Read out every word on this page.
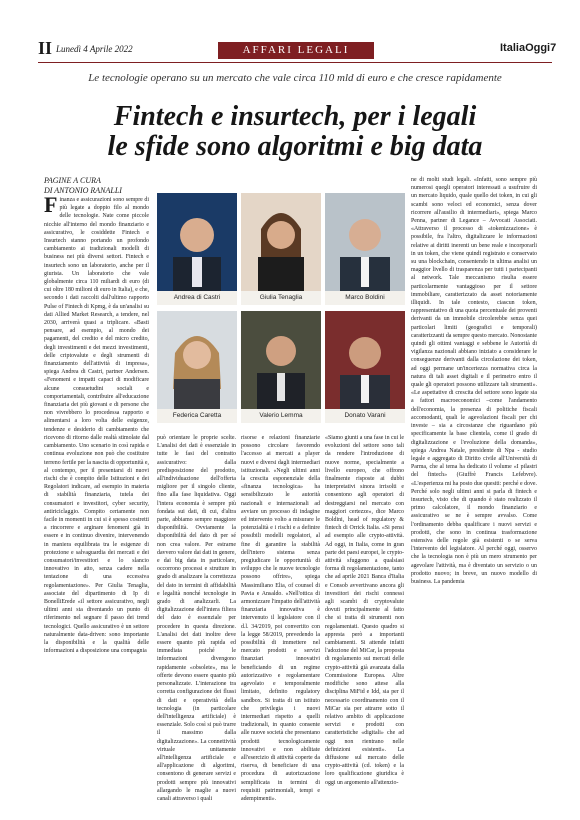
II Lunedì 4 Aprile 2022	AFFARI LEGALI	ItaliaOggi7
Le tecnologie operano su un mercato che vale circa 110 mld di euro e che cresce rapidamente
Fintech e insurtech, per i legali
le sfide sono algoritmi e big data
PAGINE A CURA
DI ANTONIO RANALLI
Andrea di Castri	Giulia Tenaglia	Marco Boldini
Federica Caretta	Valerio Lemma	Donato Varani
Finanza e assicurazioni sono sempre di più legate a doppio filo al mondo delle tecnologie. Nate come piccole nicchie all'interno del mondo finanziario e assicurativo, le cosiddette Fintech e Insurtech stanno portando un profondo cambiamento ai tradizionali modelli di business nei più diversi settori. Fintech e insurtech sono un laboratorio, anche per il giurista. Un laboratorio che vale globalmente circa 110 miliardi di euro (di cui oltre 180 milioni di euro in Italia), e che, secondo i dati raccolti dall'ultimo rapporto Pulse of Fintech di Kpmg, è da un'analisi su dati Allied Market Research, a tendere, nel 2030, arriverà quasi a triplicare. «Basti pensare, ad esempio, al mondo dei pagamenti, del credito e del micro credito, degli investimenti e dei mezzi investimenti, delle criptovalute e degli strumenti di finanziamento dell'attività di impresa», spiega Andrea di Castri, partner Andersen. «Fenomeni e impatti capaci di modificare alcune consuetudini sociali e comportamentali, contribuire all'educazione finanziaria dei più giovani e di persone che non vivrebbero lo procedessa rapporto e alimentarsi a loro volta delle esigenze, tendenze e desiderio di cambiamento che ricevono di ritorno dalle realtà stimolate dal cambiamento. Uno scenario in così rapida e continua evoluzione non può che costituire terreno fertile per la nascita di opportunità e, al contempo, per il presentarsi di nuovi rischi che è compito delle Istituzioni e dei Regolatori indicare, ad esempio in materia di stabilità finanziaria, tutela dei consumatori e investitori, cyber security, antiriciclaggio. Compito certamente non facile in momenti in cui si è spesso costretti a rincorrere e arginare fenomeni già in essere e in continuo divenire, intervenendo in maniera equilibrata tra le esigenze di protezione e salvaguardia dei mercati e dei consumatori/investitori e lo slancio innovativo in atto, senza cadere nella tentazione di una eccessiva regolamentazione». Per Giulia Tenaglia, associate del dipartimento di Ip di BonelliErede «il settore assicurativo, negli ultimi anni sta diventando un punto di riferimento nel segnare il passo dei trend tecnologici. Quello assicurativo è un settore naturalmente data-driven: sono importante la disponibilità e la qualità delle informazioni a disposizione una compagnia
può orientare le proprie scelte. L'analisi dei dati è essenziale in tutte le fasi del contratto assicurativo: dalla predisposizione del prodotto, all'individuazione dell'offerta migliore per il singolo cliente, fino alla fase liquidativa. Oggi l'intera economia è sempre più fondata sui dati, di cui, d'altra parte, abbiamo sempre maggiore disponibilità. Ovviamente la disponibilità del dato di per sé non crea valore. Per estrarne davvero valore dai dati in genere, e dai big data in particolare, occorrono processi e strutture in grado di analizzare la correttezza del dato in termini di affidabilità e legalità nonché tecnologie in grado di analizzarli. La digitalizzazione dell'intera filiera del dato è essenziale per procedere in questa direzione. L'analisi dei dati inoltre deve essere quanto più rapida ed immediata poiché le informazioni divengono rapidamente «obsolete», ma le offerte devono essere quanto più personalizzate. L'interazione tra corretta configurazione dei flussi di dati e operatività della tecnologia (in particolare dell'intelligenza artificiale) è essenziale. Solo così si può trarre il massimo dalla digitalizzazione». La connettività virtuale unitamente all'intelligenza artificiale e all'applicazione di algoritmi, consentono di generare servizi e prodotti sempre più innovativi allargando le maglie a nuovi canali attraverso i quali
risorse e relazioni finanziarie possono circolare favorendo l'accesso ai mercati a player nuovi e diversi dagli intermediari istituzionali. «Negli ultimi anni la crescita esponenziale della «finanza tecnologica» ha sensibilizzato le autorità nazionali e internazionali ad avviare un processo di indagine ed intervento volto a misurare le potenzialità e i rischi e a definire possibili modelli regolatori, al fine di garantire la stabilità dell'intero sistema senza pregiudicare le opportunità di sviluppo che le nuove tecnologie possono offrire», spiega Massimiliano Elia, of counsel di Pavia e Ansaldo. «Nell'ottica di armonizzare l'impatto dell'attività finanziaria innovativa è intervenuto il legislatore con il d.l. 34/2019, poi convertito con la legge 58/2019, prevedendo la possibilità di immettere nel mercato prodotti e servizi finanziari innovativi beneficiando di un regime autorizzativo e regolamentare agevolato e temporalmente limitato, definito regulatory sandbox. Si tratta di un istituto che privilegia i nuovi intermediari rispetto a quelli tradizionali, in quanto consente alle nuove società che presentano prodotti tecnologicamente innovativi e non abilitate all'esercizio di attività coperte da riserva, di beneficiare di una procedura di autorizzazione semplificata in termini di requisiti patrimoniali, tempi e adempimenti».
«Siamo giunti a una fase in cui le evoluzioni del settore sono tali da rendere l'introduzione di nuove norme, specialmente a livello europeo, che offrono finalmente risposte ai dubbi interpretativi sinora irrisolti e consentono agli operatori di destreggiarsi nel mercato con maggiori certezze», dice Marco Boldini, head of regulatory & fintech di Orrick Italia. «Si pensi ad esempio alle crypto-attività. Ad oggi, in Italia, come in gran parte dei paesi europei, le crypto-attività sfuggono a qualsiasi forma di regolamentazione, tanto che ad aprile 2021 Banca d'Italia e Consob avvertivano ancora gli investitori dei rischi connessi agli scambi di cryptovalute dovuti principalmente al fatto che si tratta di strumenti non regolamentati. Questo quadro si appresta però a importanti cambiamenti. Si attende infatti l'adozione del MiCar, la proposta di regolamento sui mercati delle crypto-attività già avanzata dalla Commissione Europea. Altre modifiche sono attese alla disciplina MiFid e Idd, sia per il necessario coordinamento con il MiCar sia per attrarre sotto il relativo ambito di applicazione servizi e prodotti con caratteristiche «digitali» che ad oggi non rientrano nelle definizioni esistenti». La diffusione sul mercato delle crypto-attività (cd. token) e la loro qualificazione giuridica è oggi un argomento all'attenzio-
ne di molti studi legali. «Infatti, sono sempre più numerosi quegli operatori interessati a usufruire di un mercato liquido, quale quello dei token, in cui gli scambi sono veloci ed economici, senza dover ricorrere all'ausilio di intermediari», spiega Marco Penna, partner di Legance – Avvocati Associati. «Attraverso il processo di «tokenizzazione» è possibile, fra l'altro, digitalizzare le informazioni relative ai diritti inerenti un bene reale e incorporarli in un token, che viene quindi registrato e conservato su una blockchain, consentendo in ultima analisi un maggior livello di trasparenza per tutti i partecipanti al network. Tale meccanismo risulta essere particolarmente vantaggioso per il settore immobiliare, caratterizzato da asset notoriamente illiquidi. In tale contesto, ciascun token, rappresentativo di una quota percentuale dei proventi derivanti da un immobile circolerebbe senza quei particolari limiti (geografici e temporali) caratterizzanti da sempre questo mercato. Nonostante quindi gli ottimi vantaggi e sebbene le Autorità di vigilanza nazionali abbiano iniziato a considerare le conseguenze derivanti dalla circolazione dei token, ad oggi permane un'incertezza normativa circa la natura di tali asset digitali e il perimetro entro il quale gli operatori possono utilizzare tali strumenti». «Le aspettative di crescita del settore sono legate sia a fattori macroeconomici –come l'andamento dell'economia, la presenza di politiche fiscali accomodanti, quali le agevolazioni fiscali per chi investe – sia a circostanze che riguardano più specificamente la base clientela, come il grado di digitalizzazione e l'evoluzione della domanda», spiega Andrea Natale, presidente di Npa - studio legale e aggregato di Diritto civile all'Università di Parma, che al tema ha dedicato il volume «I pilastri del fintech» (Giuffrè Francis Lefebvre). «L'esperienza mi ha posto due quesiti: perché e dove. Perché solo negli ultimi anni si parla di fintech e insurtech, visto che di quando è stato realizzato il primo calcolatore, il mondo finanziario e assicurativo se ne è sempre avvalso. Come l'ordinamento debba qualificare i nuovi servizi e prodotti, che sono in continua trasformazione estensiva delle regole già esistenti o se serva l'intervento del legislatore. Al perché oggi, osservo che la tecnologia non è più un mero strumento per agevolare l'attività, ma è diventato un servizio o un prodotto nuovo; in breve, un nuovo modello di business. La pandemia
